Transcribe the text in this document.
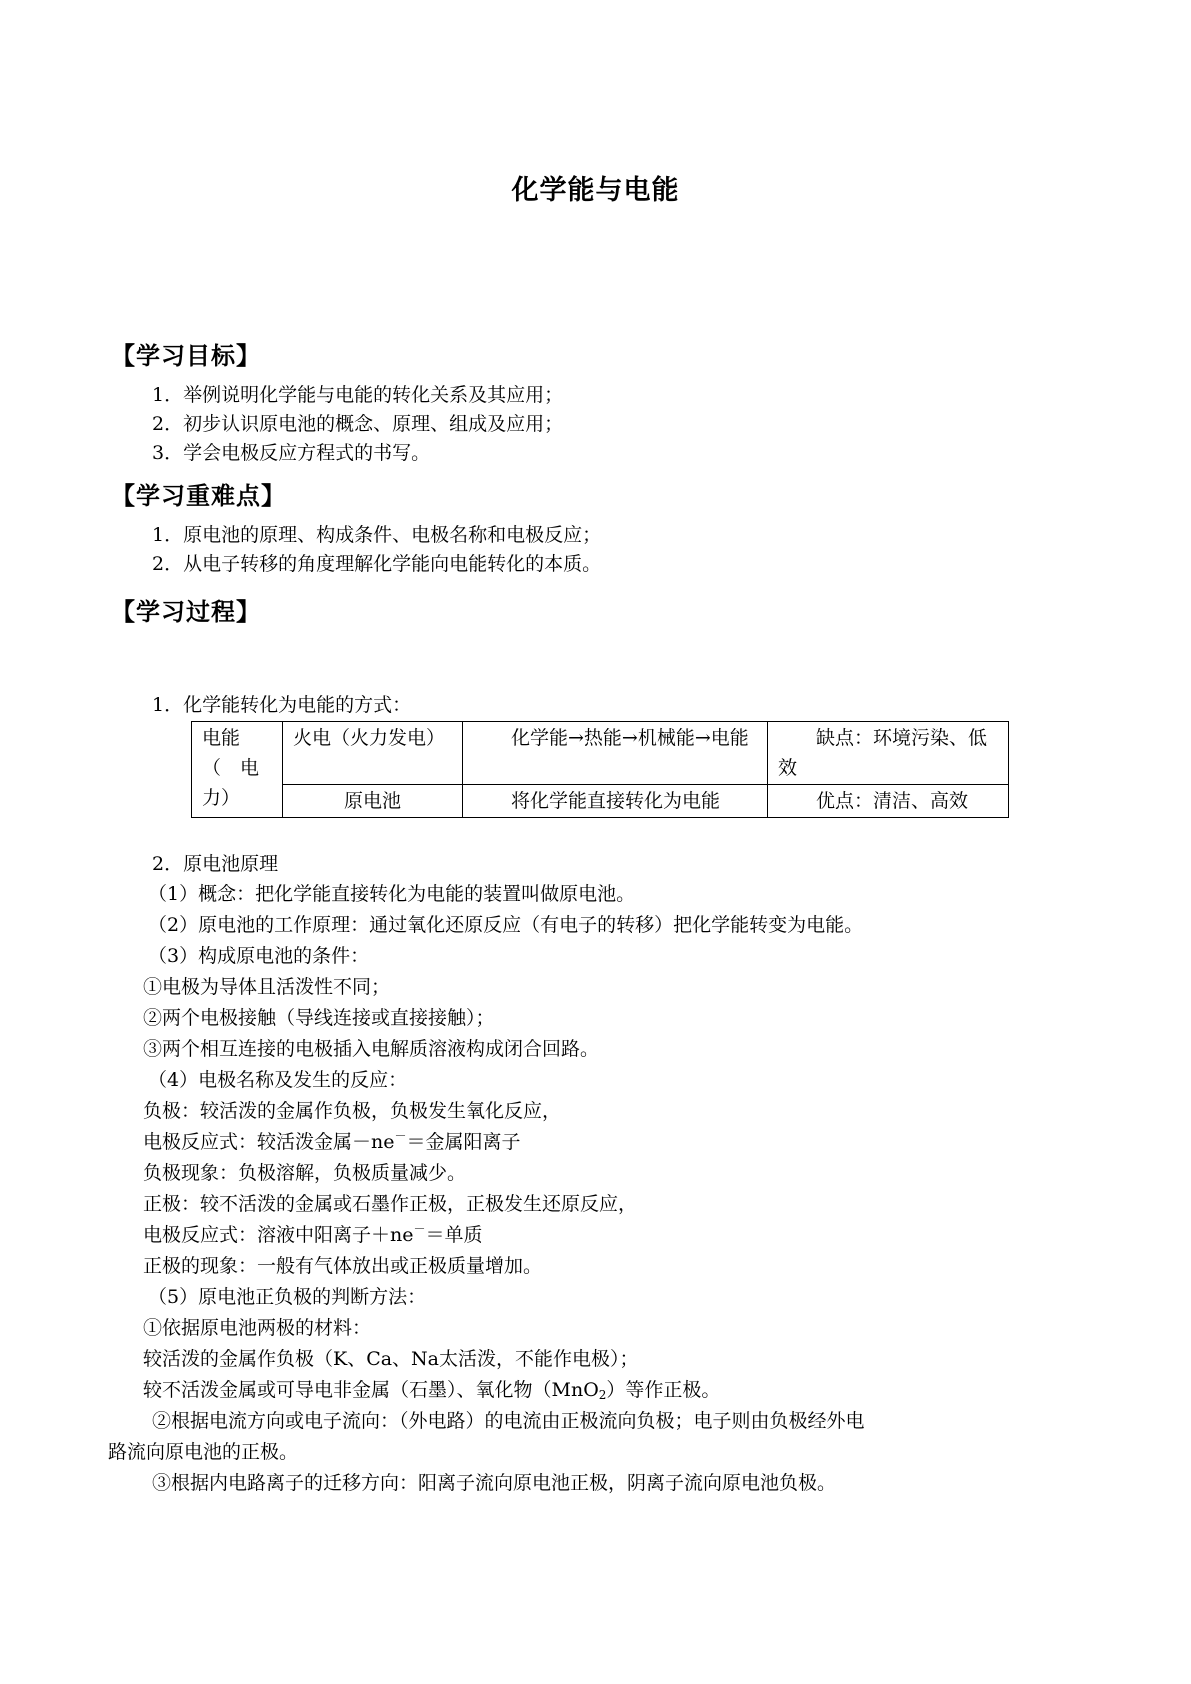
化学能与电能
【学习目标】
1．举例说明化学能与电能的转化关系及其应用；
2．初步认识原电池的概念、原理、组成及应用；
3．学会电极反应方程式的书写。
【学习重难点】
1．原电池的原理、构成条件、电极名称和电极反应；
2．从电子转移的角度理解化学能向电能转化的本质。
【学习过程】
1．化学能转化为电能的方式：
电能
（　电
力）	火电（火力发电）	化学能→热能→机械能→电能	缺点：环境污染、低效
	原电池	将化学能直接转化为电能	优点：清洁、高效
2．原电池原理
（1）概念：把化学能直接转化为电能的装置叫做原电池。
（2）原电池的工作原理：通过氧化还原反应（有电子的转移）把化学能转变为电能。
（3）构成原电池的条件：
①电极为导体且活泼性不同；
②两个电极接触（导线连接或直接接触）；
③两个相互连接的电极插入电解质溶液构成闭合回路。
（4）电极名称及发生的反应：
负极：较活泼的金属作负极，负极发生氧化反应，
电极反应式：较活泼金属－ne－＝金属阳离子
负极现象：负极溶解，负极质量减少。
正极：较不活泼的金属或石墨作正极，正极发生还原反应，
电极反应式：溶液中阳离子＋ne－＝单质
正极的现象：一般有气体放出或正极质量增加。
（5）原电池正负极的判断方法：
①依据原电池两极的材料：
较活泼的金属作负极（K、Ca、Na太活泼，不能作电极）；
较不活泼金属或可导电非金属（石墨）、氧化物（MnO$_2$）等作正极。
②根据电流方向或电子流向：（外电路）的电流由正极流向负极；电子则由负极经外电
路流向原电池的正极。
③根据内电路离子的迁移方向：阳离子流向原电池正极，阴离子流向原电池负极。
